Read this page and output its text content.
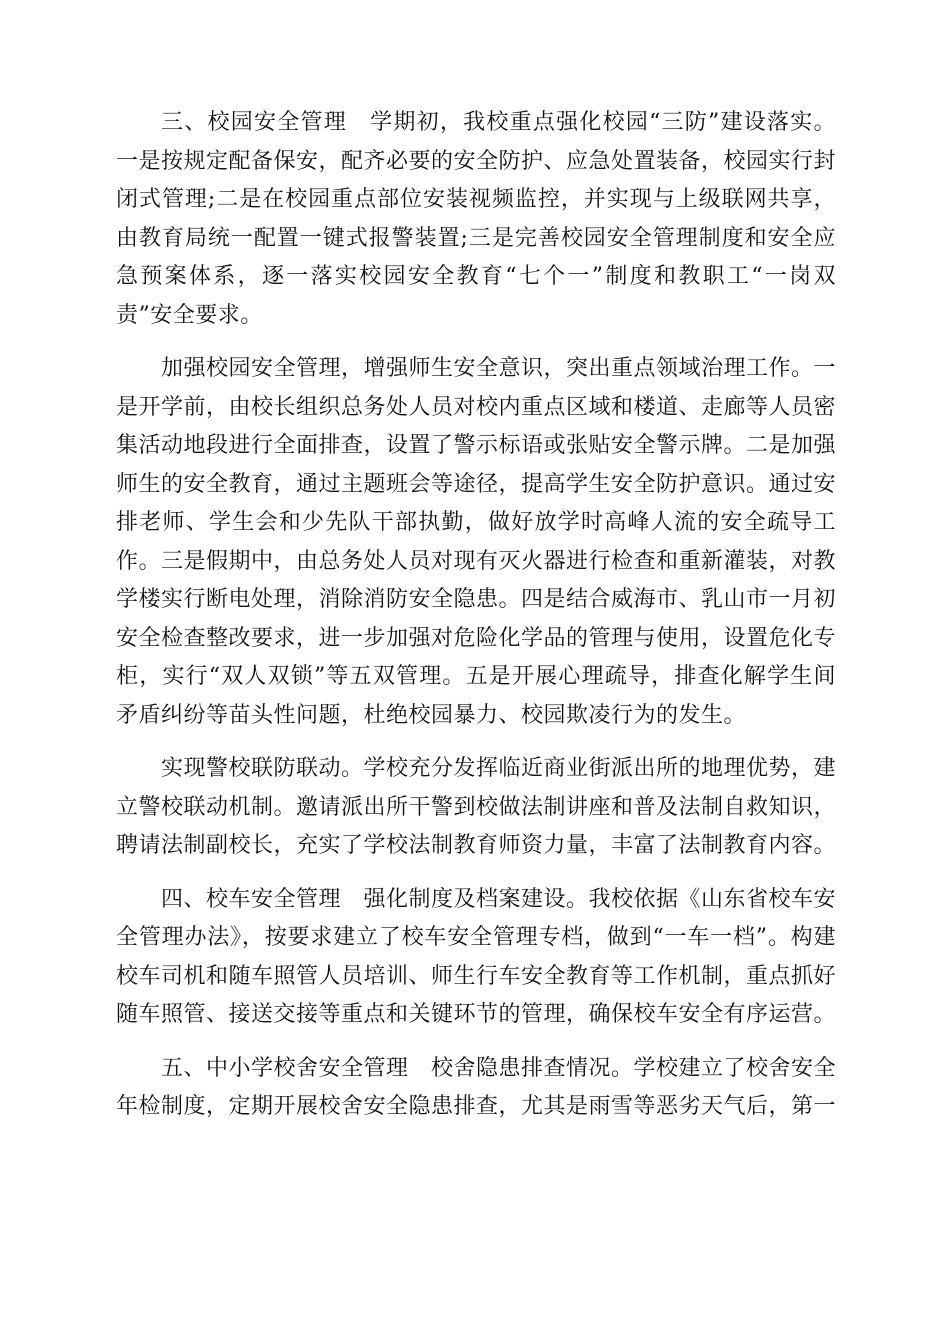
三、校园安全管理　学期初，我校重点强化校园“三防”建设落实。一是按规定配备保安，配齐必要的安全防护、应急处置装备，校园实行封闭式管理;二是在校园重点部位安装视频监控，并实现与上级联网共享，由教育局统一配置一键式报警装置;三是完善校园安全管理制度和安全应急预案体系，逐一落实校园安全教育“七个一”制度和教职工“一岗双责”安全要求。

加强校园安全管理，增强师生安全意识，突出重点领域治理工作。一是开学前，由校长组织总务处人员对校内重点区域和楼道、走廊等人员密集活动地段进行全面排查，设置了警示标语或张贴安全警示牌。二是加强师生的安全教育，通过主题班会等途径，提高学生安全防护意识。通过安排老师、学生会和少先队干部执勤，做好放学时高峰人流的安全疏导工作。三是假期中，由总务处人员对现有灭火器进行检查和重新灌装，对教学楼实行断电处理，消除消防安全隐患。四是结合威海市、乳山市一月初安全检查整改要求，进一步加强对危险化学品的管理与使用，设置危化专柜，实行“双人双锁”等五双管理。五是开展心理疏导，排查化解学生间矛盾纠纷等苗头性问题，杜绝校园暴力、校园欺凌行为的发生。

实现警校联防联动。学校充分发挥临近商业街派出所的地理优势，建立警校联动机制。邀请派出所干警到校做法制讲座和普及法制自救知识，聘请法制副校长，充实了学校法制教育师资力量，丰富了法制教育内容。

四、校车安全管理　强化制度及档案建设。我校依据《山东省校车安全管理办法》，按要求建立了校车安全管理专档，做到“一车一档”。构建校车司机和随车照管人员培训、师生行车安全教育等工作机制，重点抓好随车照管、接送交接等重点和关键环节的管理，确保校车安全有序运营。

五、中小学校舍安全管理　校舍隐患排查情况。学校建立了校舍安全年检制度，定期开展校舍安全隐患排查，尤其是雨雪等恶劣天气后，第一
